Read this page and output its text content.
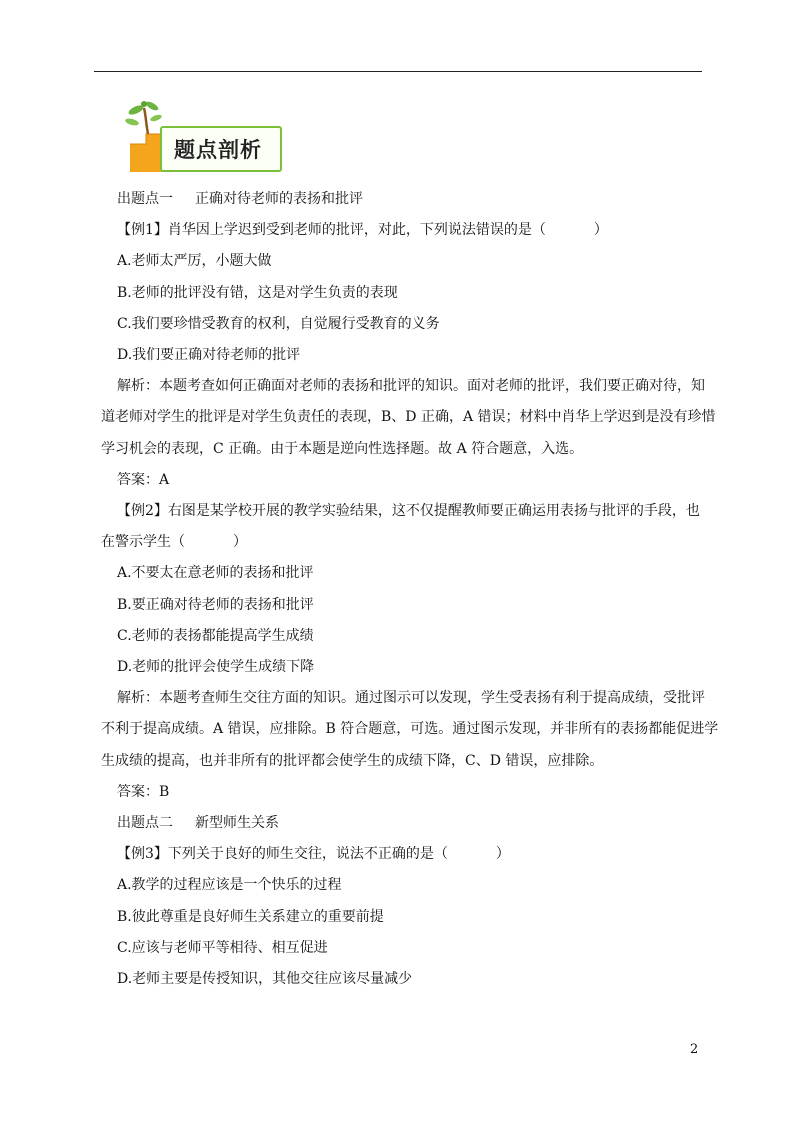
题点剖析
出题点一 正确对待老师的表扬和批评
【例1】肖华因上学迟到受到老师的批评，对此，下列说法错误的是（	）
A.老师太严厉，小题大做
B.老师的批评没有错，这是对学生负责的表现
C.我们要珍惜受教育的权利，自觉履行受教育的义务
D.我们要正确对待老师的批评
解析：本题考查如何正确面对老师的表扬和批评的知识。面对老师的批评，我们要正确对待，知
道老师对学生的批评是对学生负责任的表现，B、D 正确，A 错误；材料中肖华上学迟到是没有珍惜
学习机会的表现，C 正确。由于本题是逆向性选择题。故 A 符合题意，入选。
答案：A
【例2】右图是某学校开展的教学实验结果，这不仅提醒教师要正确运用表扬与批评的手段，也
在警示学生（	）
A.不要太在意老师的表扬和批评
B.要正确对待老师的表扬和批评
C.老师的表扬都能提高学生成绩
D.老师的批评会使学生成绩下降
解析：本题考查师生交往方面的知识。通过图示可以发现，学生受表扬有利于提高成绩，受批评
不利于提高成绩。A 错误，应排除。B 符合题意，可选。通过图示发现，并非所有的表扬都能促进学
生成绩的提高，也并非所有的批评都会使学生的成绩下降，C、D 错误，应排除。
答案：B
出题点二 新型师生关系
【例3】下列关于良好的师生交往，说法不正确的是（	）
A.教学的过程应该是一个快乐的过程
B.彼此尊重是良好师生关系建立的重要前提
C.应该与老师平等相待、相互促进
D.老师主要是传授知识，其他交往应该尽量减少
2
